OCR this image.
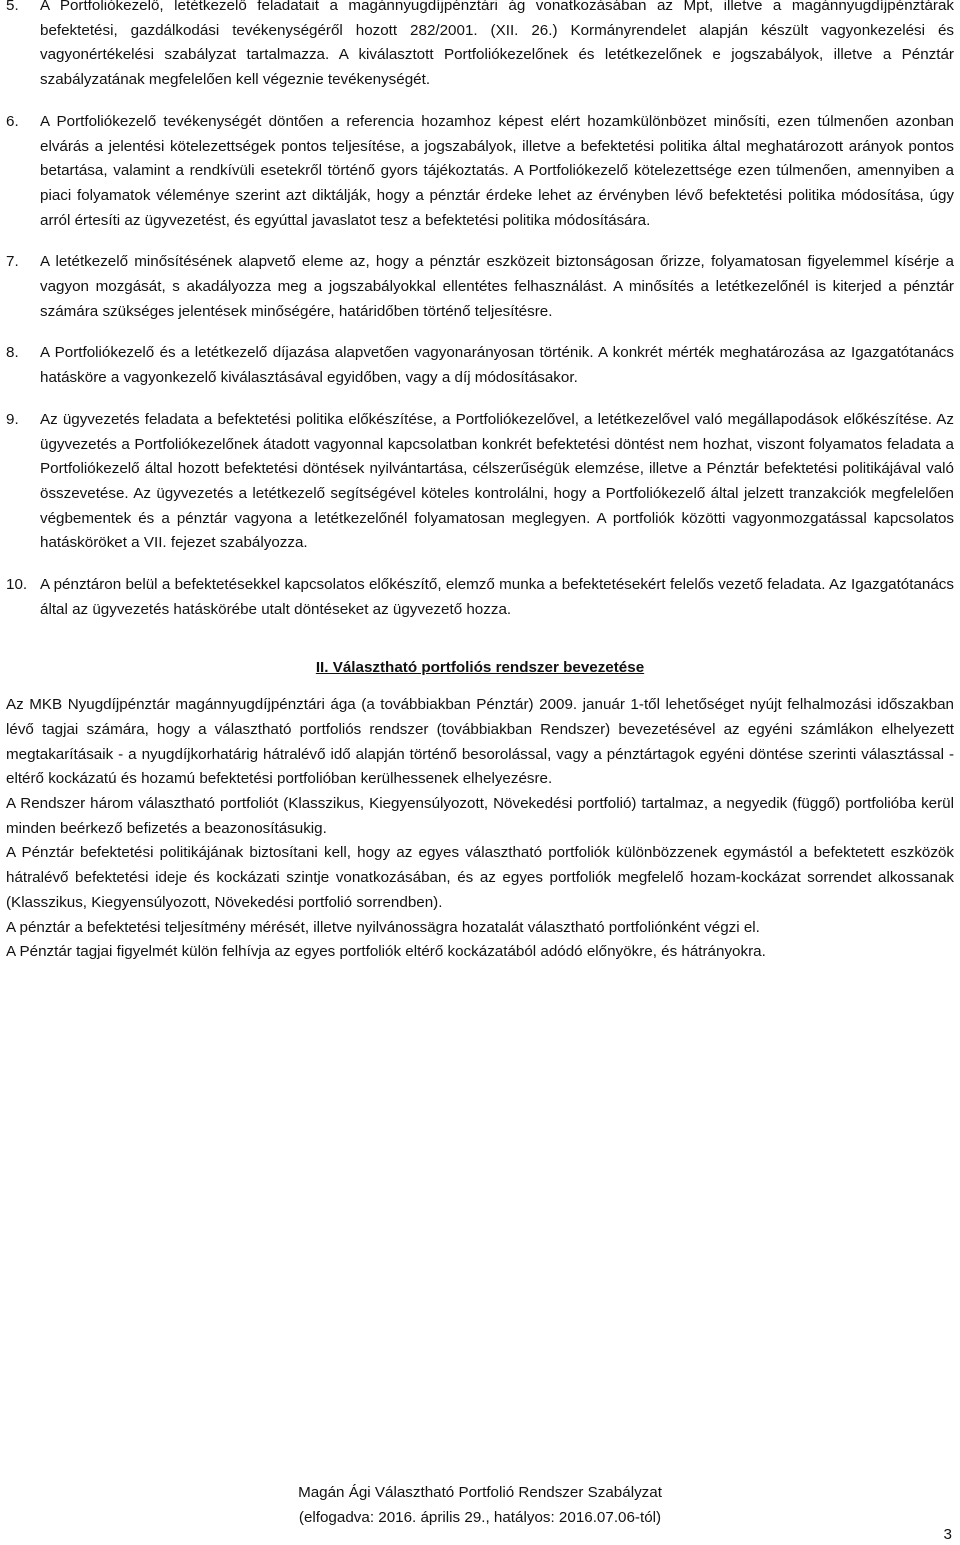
5. A Portfoliókezelő, letétkezelő feladatait a magánnyugdíjpénztári ág vonatkozásában az Mpt, illetve a magánnyugdíjpénztárak befektetési, gazdálkodási tevékenységéről hozott 282/2001. (XII. 26.) Kormányrendelet alapján készült vagyonkezelési és vagyonértékelési szabályzat tartalmazza. A kiválasztott Portfoliókezelőnek és letétkezelőnek e jogszabályok, illetve a Pénztár szabályzatának megfelelően kell végeznie tevékenységét.
6. A Portfoliókezelő tevékenységét döntően a referencia hozamhoz képest elért hozamkülönbözet minősíti, ezen túlmenően azonban elvárás a jelentési kötelezettségek pontos teljesítése, a jogszabályok, illetve a befektetési politika által meghatározott arányok pontos betartása, valamint a rendkívüli esetekről történő gyors tájékoztatás. A Portfoliókezelő kötelezettsége ezen túlmenően, amennyiben a piaci folyamatok véleménye szerint azt diktálják, hogy a pénztár érdeke lehet az érvényben lévő befektetési politika módosítása, úgy arról értesíti az ügyvezetést, és egyúttal javaslatot tesz a befektetési politika módosítására.
7. A letétkezelő minősítésének alapvető eleme az, hogy a pénztár eszközeit biztonságosan őrizze, folyamatosan figyelemmel kísérje a vagyon mozgását, s akadályozza meg a jogszabályokkal ellentétes felhasználást. A minősítés a letétkezelőnél is kiterjed a pénztár számára szükséges jelentések minőségére, határidőben történő teljesítésre.
8. A Portfoliókezelő és a letétkezelő díjazása alapvetően vagyonarányosan történik. A konkrét mérték meghatározása az Igazgatótanács hatásköre a vagyonkezelő kiválasztásával egyidőben, vagy a díj módosításakor.
9. Az ügyvezetés feladata a befektetési politika előkészítése, a Portfoliókezelővel, a letétkezelővel való megállapodások előkészítése. Az ügyvezetés a Portfoliókezelőnek átadott vagyonnal kapcsolatban konkrét befektetési döntést nem hozhat, viszont folyamatos feladata a Portfoliókezelő által hozott befektetési döntések nyilvántartása, célszerűségük elemzése, illetve a Pénztár befektetési politikájával való összevetése. Az ügyvezetés a letétkezelő segítségével köteles kontrolálni, hogy a Portfoliókezelő által jelzett tranzakciók megfelelően végbementek és a pénztár vagyona a letétkezelőnél folyamatosan meglegyen. A portfoliók közötti vagyonmozgatással kapcsolatos hatásköröket a VII. fejezet szabályozza.
10. A pénztáron belül a befektetésekkel kapcsolatos előkészítő, elemző munka a befektetésekért felelős vezető feladata. Az Igazgatótanács által az ügyvezetés hatáskörébe utalt döntéseket az ügyvezető hozza.
II. Választható portfoliós rendszer bevezetése

Az MKB Nyugdíjpénztár magánnyugdíjpénztári ága (a továbbiakban Pénztár) 2009. január 1-től lehetőséget nyújt felhalmozási időszakban lévő tagjai számára, hogy a választható portfoliós rendszer (továbbiakban Rendszer) bevezetésével az egyéni számlákon elhelyezett megtakarításaik - a nyugdíjkorhatárig hátralévő idő alapján történő besorolással, vagy a pénztártagok egyéni döntése szerinti választással - eltérő kockázatú és hozamú befektetési portfolióban kerülhessenek elhelyezésre.

A Rendszer három választható portfoliót (Klasszikus, Kiegyensúlyozott, Növekedési portfolió) tartalmaz, a negyedik (függő) portfolióba kerül minden beérkező befizetés a beazonosításukig.

A Pénztár befektetési politikájának biztosítani kell, hogy az egyes választható portfoliók különbözzenek egymástól a befektetett eszközök hátralévő befektetési ideje és kockázati szintje vonatkozásában, és az egyes portfoliók megfelelő hozam-kockázat sorrendet alkossanak (Klasszikus, Kiegyensúlyozott, Növekedési portfolió sorrendben).

A pénztár a befektetési teljesítmény mérését, illetve nyilvánossägra hozatalát választható portfoliónként végzi el.

A Pénztár tagjai figyelmét külön felhívja az egyes portfoliók eltérő kockázatából adódó előnyökre, és hátrányokra.

Magán Ági Választható Portfolió Rendszer Szabályzat
(elfogadva: 2016. április 29., hatályos: 2016.07.06-tól)
3
